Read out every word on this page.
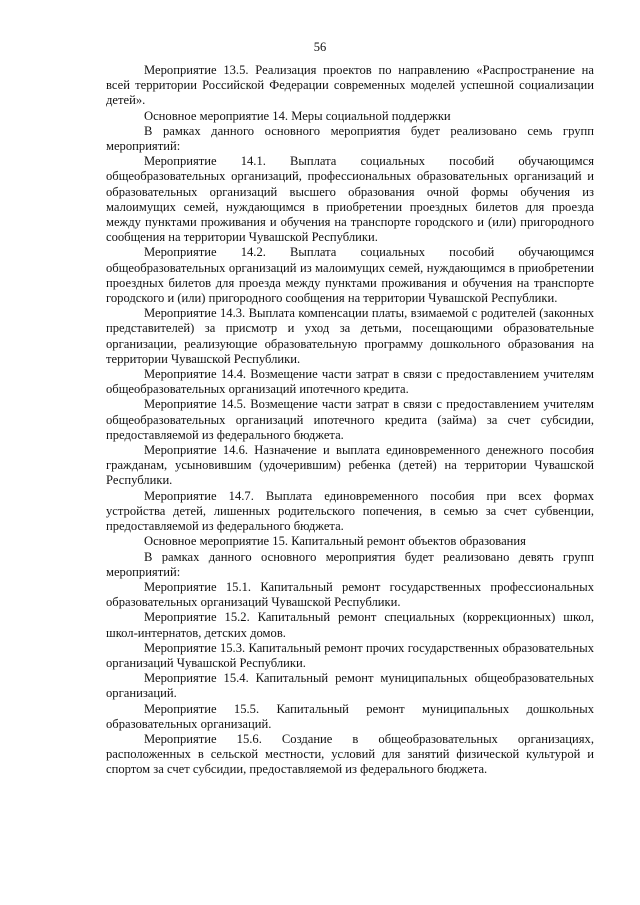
56

Мероприятие 13.5. Реализация проектов по направлению «Распространение на всей территории Российской Федерации современных моделей успешной социализации детей».

Основное мероприятие 14. Меры социальной поддержки

В рамках данного основного мероприятия будет реализовано семь групп мероприятий:

Мероприятие 14.1. Выплата социальных пособий обучающимся общеобразовательных организаций, профессиональных образовательных организаций и образовательных организаций высшего образования очной формы обучения из малоимущих семей, нуждающимся в приобретении проездных билетов для проезда между пунктами проживания и обучения на транспорте городского и (или) пригородного сообщения на территории Чувашской Республики.

Мероприятие 14.2. Выплата социальных пособий обучающимся общеобразовательных организаций из малоимущих семей, нуждающимся в приобретении проездных билетов для проезда между пунктами проживания и обучения на транспорте городского и (или) пригородного сообщения на территории Чувашской Республики.

Мероприятие 14.3. Выплата компенсации платы, взимаемой с родителей (законных представителей) за присмотр и уход за детьми, посещающими образовательные организации, реализующие образовательную программу дошкольного образования на территории Чувашской Республики.

Мероприятие 14.4. Возмещение части затрат в связи с предоставлением учителям общеобразовательных организаций ипотечного кредита.

Мероприятие 14.5. Возмещение части затрат в связи с предоставлением учителям общеобразовательных организаций ипотечного кредита (займа) за счет субсидии, предоставляемой из федерального бюджета.

Мероприятие 14.6. Назначение и выплата единовременного денежного пособия гражданам, усыновившим (удочерившим) ребенка (детей) на территории Чувашской Республики.

Мероприятие 14.7. Выплата единовременного пособия при всех формах устройства детей, лишенных родительского попечения, в семью за счет субвенции, предоставляемой из федерального бюджета.

Основное мероприятие 15. Капитальный ремонт объектов образования

В рамках данного основного мероприятия будет реализовано девять групп мероприятий:

Мероприятие 15.1. Капитальный ремонт государственных профессиональных образовательных организаций Чувашской Республики.

Мероприятие 15.2. Капитальный ремонт специальных (коррекционных) школ, школ-интернатов, детских домов.

Мероприятие 15.3. Капитальный ремонт прочих государственных образовательных организаций Чувашской Республики.

Мероприятие 15.4. Капитальный ремонт муниципальных общеобразовательных организаций.

Мероприятие 15.5. Капитальный ремонт муниципальных дошкольных образовательных организаций.

Мероприятие 15.6. Создание в общеобразовательных организациях, расположенных в сельской местности, условий для занятий физической культурой и спортом за счет субсидии, предоставляемой из федерального бюджета.
